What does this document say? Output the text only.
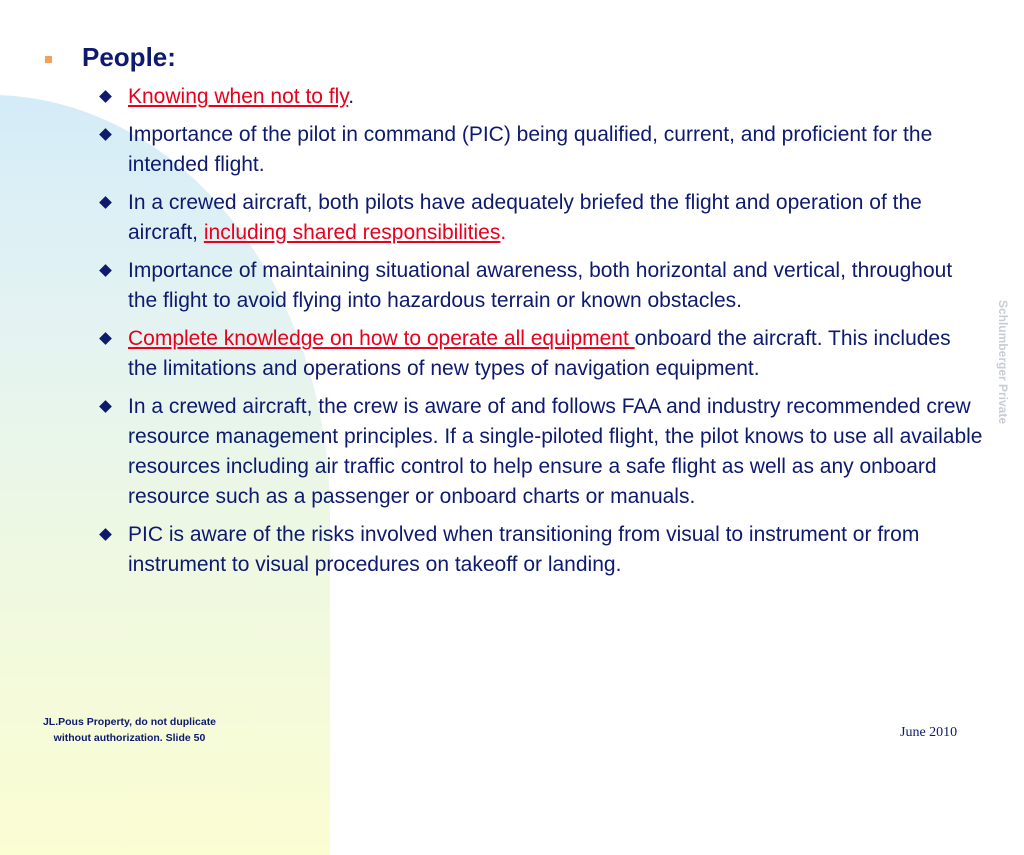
People:
Knowing when not to fly.
Importance of the pilot in command (PIC) being qualified, current, and proficient for the intended flight.
In a crewed aircraft, both pilots have adequately briefed the flight and operation of the aircraft, including shared responsibilities.
Importance of maintaining situational awareness, both horizontal and vertical, throughout the flight to avoid flying into hazardous terrain or known obstacles.
Complete knowledge on how to operate all equipment onboard the aircraft. This includes the limitations and operations of new types of navigation equipment.
In a crewed aircraft, the crew is aware of and follows FAA and industry recommended crew resource management principles. If a single-piloted flight, the pilot knows to use all available resources including air traffic control to help ensure a safe flight as well as any onboard resource such as a passenger or onboard charts or manuals.
PIC is aware of the risks involved when transitioning from visual to instrument or from instrument to visual procedures on takeoff or landing.
Schlumberger Private
JL.Pous Property, do not duplicate
without authorization. Slide 50	June 2010
